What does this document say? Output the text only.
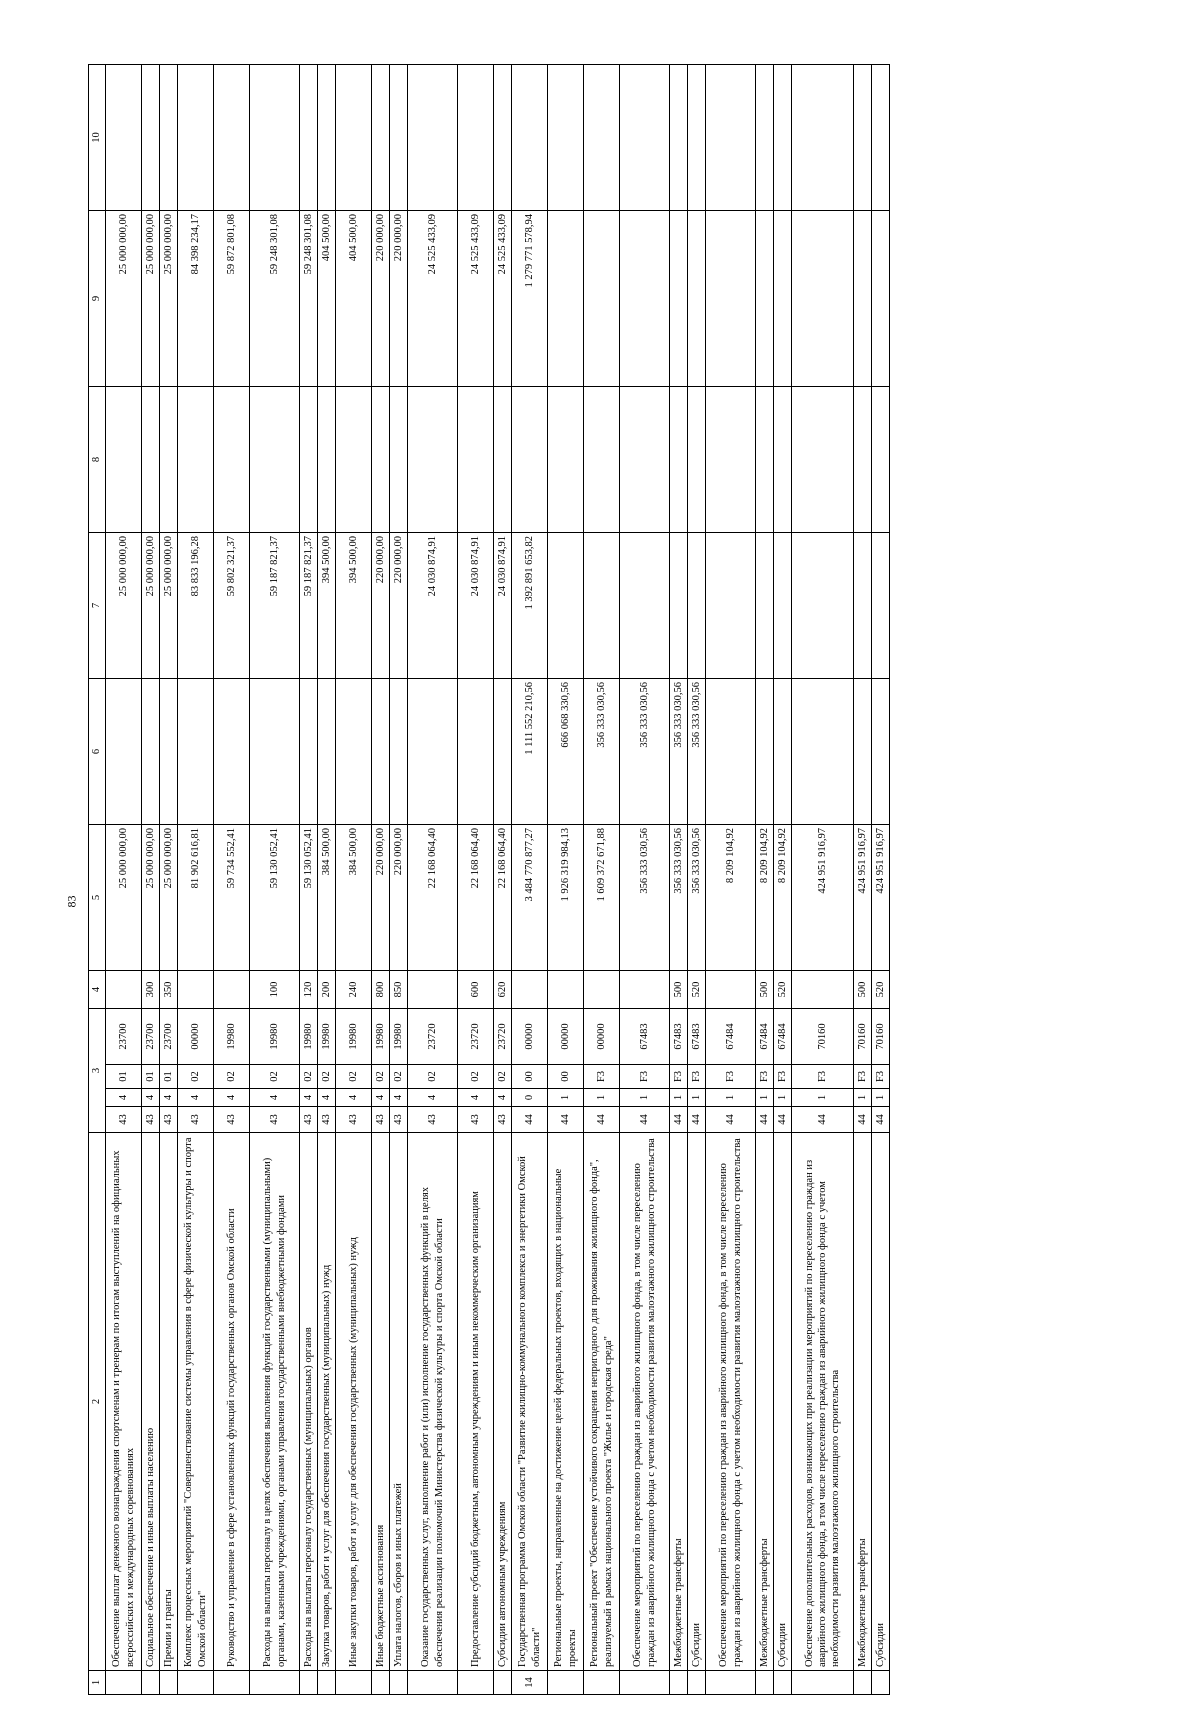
83
1	2	3				4	5	6	7	8	9	10
	Обеспечение выплат денежного вознаграждения спортсменам и тренерам по итогам выступлений на официальных всероссийских и международных соревнованиях	43	4	01	23700		25 000 000,00		25 000 000,00		25 000 000,00	
	Социальное обеспечение и иные выплаты населению	43	4	01	23700	300	25 000 000,00		25 000 000,00		25 000 000,00	
	Премии и гранты	43	4	01	23700	350	25 000 000,00		25 000 000,00		25 000 000,00	
	Комплекс процессных мероприятий "Совершенствование системы управления в сфере физической культуры и спорта Омской области"	43	4	02	00000		81 902 616,81		83 833 196,28		84 398 234,17	
	Руководство и управление в сфере установленных функций государственных органов Омской области	43	4	02	19980		59 734 552,41		59 802 321,37		59 872 801,08	
	Расходы на выплаты персоналу в целях обеспечения выполнения функций государственными (муниципальными) органами, казенными учреждениями, органами управления государственными внебюджетными фондами	43	4	02	19980	100	59 130 052,41		59 187 821,37		59 248 301,08	
	Расходы на выплаты персоналу государственных (муниципальных) органов	43	4	02	19980	120	59 130 052,41		59 187 821,37		59 248 301,08	
	Закупка товаров, работ и услуг для обеспечения государственных (муниципальных) нужд	43	4	02	19980	200	384 500,00		394 500,00		404 500,00	
	Иные закупки товаров, работ и услуг для обеспечения государственных (муниципальных) нужд	43	4	02	19980	240	384 500,00		394 500,00		404 500,00	
	Иные бюджетные ассигнования	43	4	02	19980	800	220 000,00		220 000,00		220 000,00	
	Уплата налогов, сборов и иных платежей	43	4	02	19980	850	220 000,00		220 000,00		220 000,00	
	Оказание государственных услуг, выполнение работ и (или) исполнение государственных функций в целях обеспечения реализации полномочий Министерства физической культуры и спорта Омской области	43	4	02	23720		22 168 064,40		24 030 874,91		24 525 433,09	
	Предоставление субсидий бюджетным, автономным учреждениям и иным некоммерческим организациям	43	4	02	23720	600	22 168 064,40		24 030 874,91		24 525 433,09	
	Субсидии автономным учреждениям	43	4	02	23720	620	22 168 064,40		24 030 874,91		24 525 433,09	
14	Государственная программа Омской области "Развитие жилищно-коммунального комплекса и энергетики Омской области"	44	0	00	00000		3 484 770 877,27	1 111 552 210,56	1 392 891 653,82		1 279 771 578,94	
	Региональные проекты, направленные на достижение целей федеральных проектов, входящих в национальные проекты	44	1	00	00000		1 926 319 984,13	666 068 330,56				
	Региональный проект "Обеспечение устойчивого сокращения непригодного для проживания жилищного фонда", реализуемый в рамках национального проекта "Жилье и городская среда"	44	1	F3	00000		1 609 372 671,88	356 333 030,56				
	Обеспечение мероприятий по переселению граждан из аварийного жилищного фонда, в том числе переселению граждан из аварийного жилищного фонда с учетом необходимости развития малоэтажного жилищного строительства	44	1	F3	67483		356 333 030,56	356 333 030,56				
	Межбюджетные трансферты	44	1	F3	67483	500	356 333 030,56	356 333 030,56				
	Субсидии	44	1	F3	67483	520	356 333 030,56	356 333 030,56				
	Обеспечение мероприятий по переселению граждан из аварийного жилищного фонда, в том числе переселению граждан из аварийного жилищного фонда с учетом необходимости развития малоэтажного жилищного строительства	44	1	F3	67484		8 209 104,92					
	Межбюджетные трансферты	44	1	F3	67484	500	8 209 104,92					
	Субсидии	44	1	F3	67484	520	8 209 104,92					
	Обеспечение дополнительных расходов, возникающих при реализации мероприятий по переселению граждан из аварийного жилищного фонда, в том числе переселению граждан из аварийного жилищного фонда с учетом необходимости развития малоэтажного жилищного строительства	44	1	F3	70160		424 951 916,97					
	Межбюджетные трансферты	44	1	F3	70160	500	424 951 916,97					
	Субсидии	44	1	F3	70160	520	424 951 916,97					
